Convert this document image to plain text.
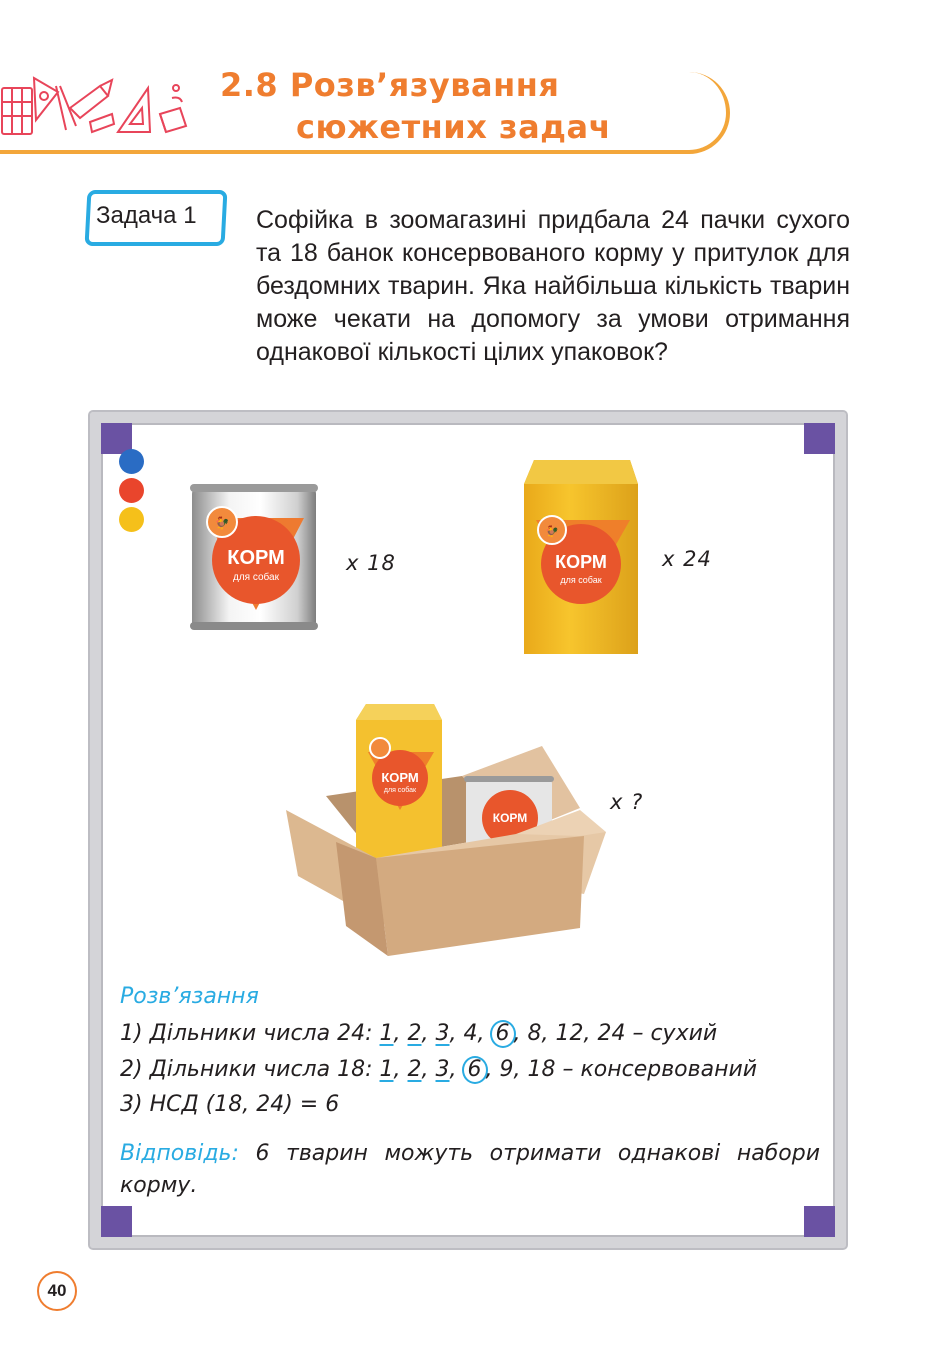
2.8 Розв’язування
сюжетних задач
Задача 1 Софійка в зоомагазині придбала 24 пачки сухого та 18 банок консервованого корму у притулок для бездомних тварин. Яка найбільша кількість тварин може чекати на допомогу за умови отримання однакової кількості цілих упаковок?
🐓
КОРМ
для собак
x 18
🐓
КОРМ
для собак
x 24
КОРМ
для собак
КОРМ
x ?
Розв’язання
1) Дільники числа 24: 1, 2, 3, 4, 6 , 8, 12, 24 – сухий
2) Дільники числа 18: 1, 2, 3, 6 , 9, 18 – консервований
3) НСД (18, 24) = 6
Відповідь: 6 тварин можуть отримати однакові набори корму.
40
